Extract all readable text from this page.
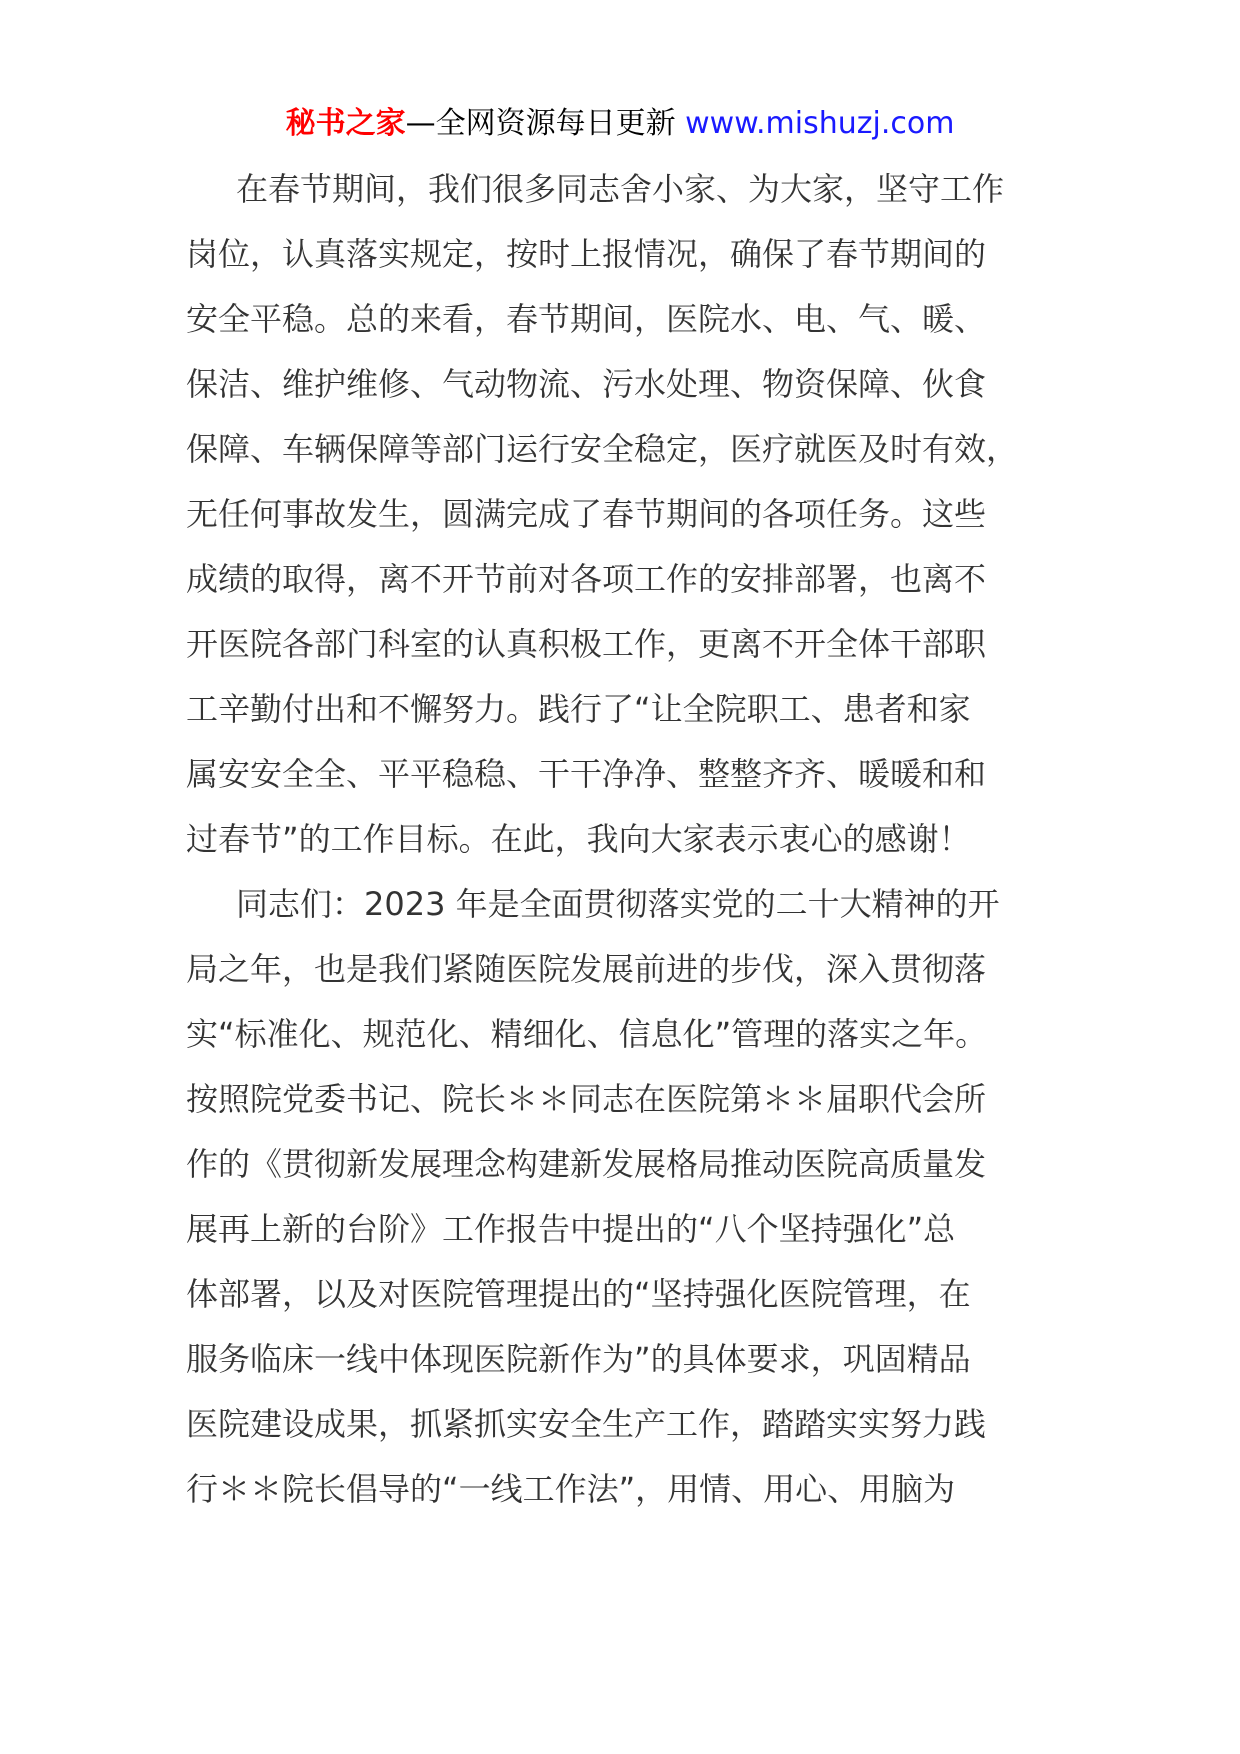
秘书之家—全网资源每日更新 www.mishuzj.com
在春节期间，我们很多同志舍小家、为大家，坚守工作
岗位，认真落实规定，按时上报情况，确保了春节期间的
安全平稳。总的来看，春节期间，医院水、电、气、暖、
保洁、维护维修、气动物流、污水处理、物资保障、伙食
保障、车辆保障等部门运行安全稳定，医疗就医及时有效，
无任何事故发生，圆满完成了春节期间的各项任务。这些
成绩的取得，离不开节前对各项工作的安排部署，也离不
开医院各部门科室的认真积极工作，更离不开全体干部职
工辛勤付出和不懈努力。践行了“让全院职工、患者和家
属安安全全、平平稳稳、干干净净、整整齐齐、暖暖和和
过春节”的工作目标。在此，我向大家表示衷心的感谢！
同志们：2023 年是全面贯彻落实党的二十大精神的开
局之年，也是我们紧随医院发展前进的步伐，深入贯彻落
实“标准化、规范化、精细化、信息化”管理的落实之年。
按照院党委书记、院长＊＊同志在医院第＊＊届职代会所
作的《贯彻新发展理念构建新发展格局推动医院高质量发
展再上新的台阶》工作报告中提出的“八个坚持强化”总
体部署，以及对医院管理提出的“坚持强化医院管理，在
服务临床一线中体现医院新作为”的具体要求，巩固精品
医院建设成果，抓紧抓实安全生产工作，踏踏实实努力践
行＊＊院长倡导的“一线工作法”，用情、用心、用脑为
